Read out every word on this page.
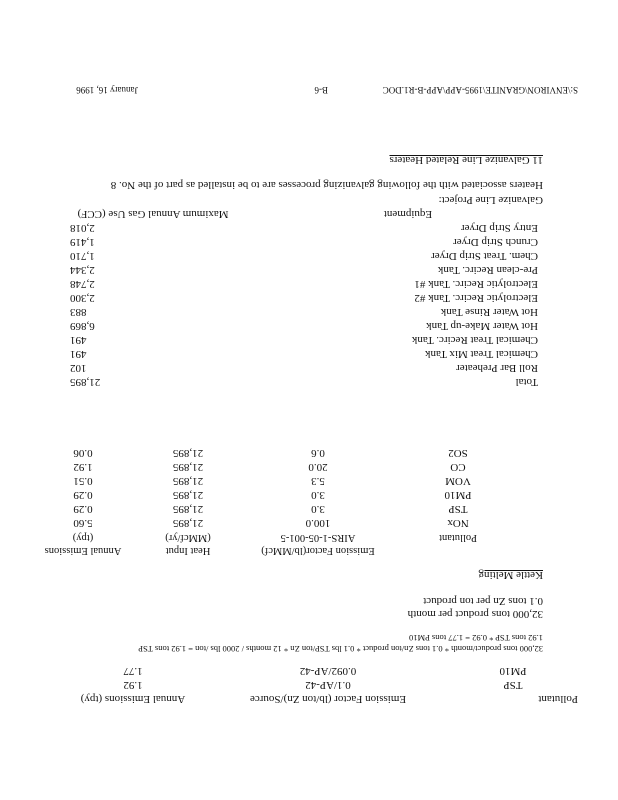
Pollutant
Emission Factor (lb/ton Zn)/Source
Annual Emissions (tpy)
TSP
0.1/AP-42
1.92
PM10
0.092/AP-42
1.77
32,000 tons product/month * 0.1 tons Zn/ton product * 0.1 lbs TSP/ton Zn * 12 months / 2000 lbs /ton = 1.92 tons TSP
1.92 tons TSP * 0.92 = 1.77 tons PM10
32,000 tons product per month
0.1 tons Zn per ton product
Kettle Melting
Emission Factor(lb/MMcf)
Heat Input
Annual Emissions
Pollutant
AIRS-1-05-001-5
(MMcf/yr)
(tpy)
NOx
100.0
21,895
5.60
TSP
3.0
21,895
0.29
PM10
3.0
21,895
0.29
VOM
5.3
21,895
0.51
CO
20.0
21,895
1.92
SO2
0.6
21,895
0.06
Total
21,895
Roll Bar Preheater
102
Chemical Treat Mix Tank
491
Chemical Treat Recirc. Tank
491
Hot Water Make-up Tank
6,869
Hot Water Rinse Tank
883
Electrolytic Recirc. Tank #2
2,300
Electrolytic Recirc. Tank #1
2,748
Pre-clean Recirc. Tank
2,344
Chem. Treat Strip Dryer
1,710
Crunch Strip Dryer
1,419
Entry Strip Dryer
2,018
Equipment
Maximum Annual Gas Use (CCF)
Galvanize Line Project:
Heaters associated with the following galvanizing processes are to be installed as part of the No. 8
11 Galvanize Line Related Heaters
S:\ENVIRON\GRANITE\1995-APP\APP-B-R1.DOC
B-6
January 16, 1996
